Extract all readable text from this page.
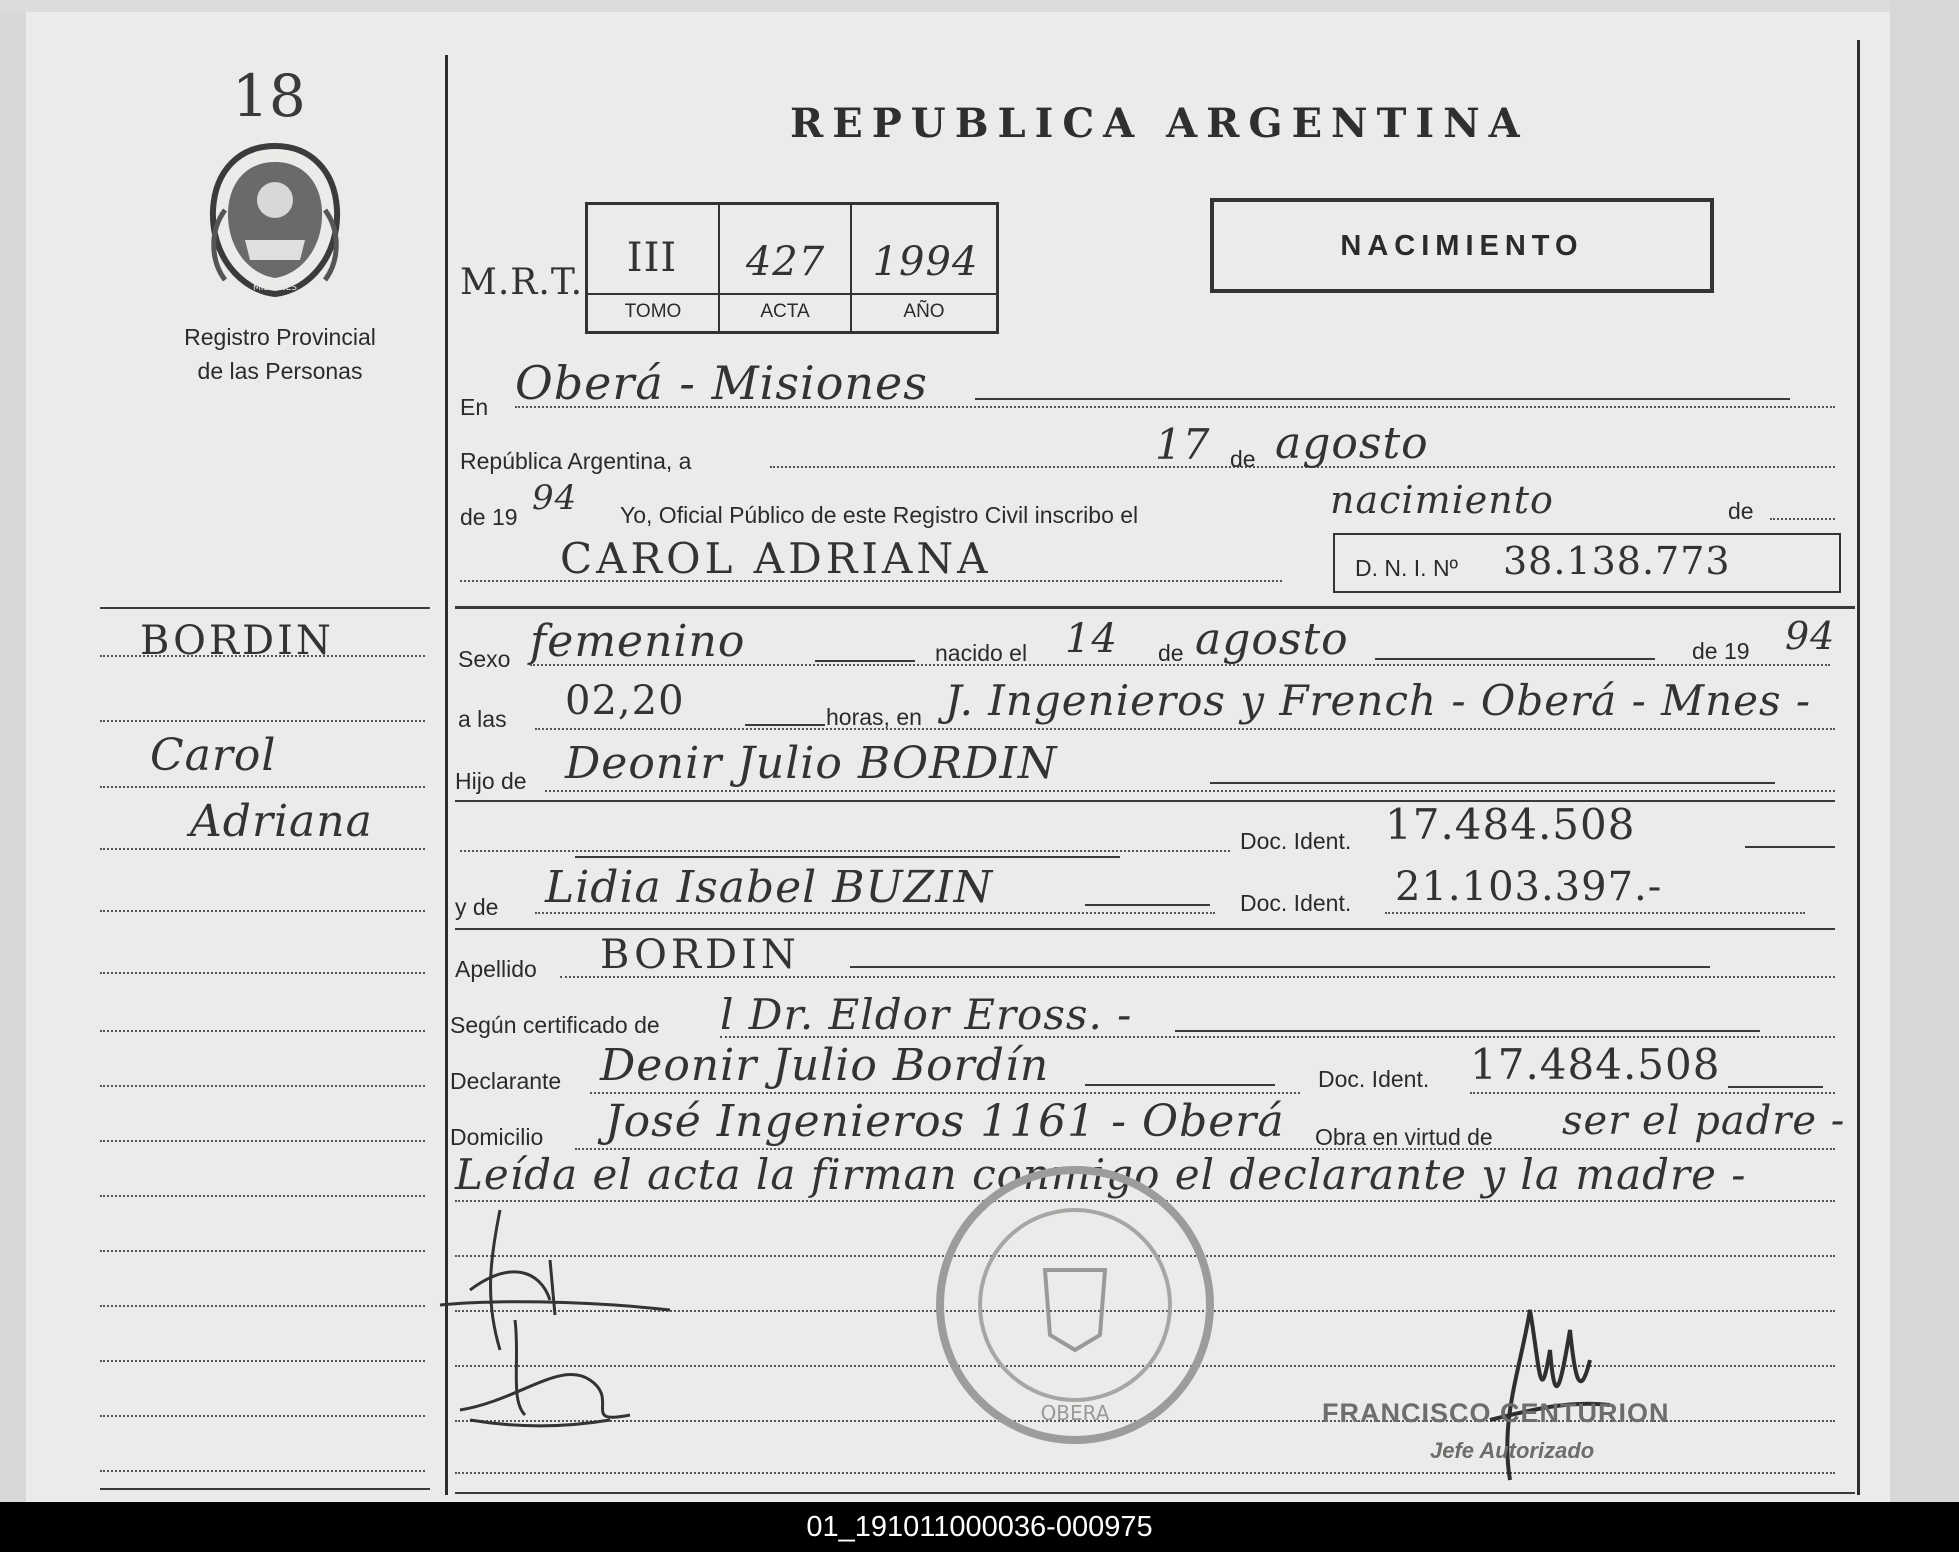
18
PROVINCIA
MISIONES
Registro Provincial
de las Personas
BORDIN
Carol
Adriana
REPUBLICA ARGENTINA
M.R.T.
III	427	1994
TOMO	ACTA	AÑO
NACIMIENTO
En Oberá - Misiones
República Argentina, a	17 de agosto
de 19 94 Yo, Oficial Público de este Registro Civil inscribo el	nacimiento	de
CAROL ADRIANA	D. N. I. Nº 38.138.773
Sexo femenino	nacido el 14 de agosto	de 19 94
a las 02,20	horas, en J. Ingenieros y French - Oberá - Mnes -
Hijo de Deonir Julio BORDIN
Doc. Ident. 17.484.508
y de Lidia Isabel BUZIN	Doc. Ident. 21.103.397.-
Apellido BORDIN
Según certificado de l Dr. Eldor Eross. -
Declarante Deonir Julio Bordín	Doc. Ident. 17.484.508
Domicilio José Ingenieros 1161 - Oberá Obra en virtud de ser el padre -
Leída el acta la firman conmigo el declarante y la madre -
OBERA	FRANCISCO CENTURION
Jefe Autorizado
01_191011000036-000975
